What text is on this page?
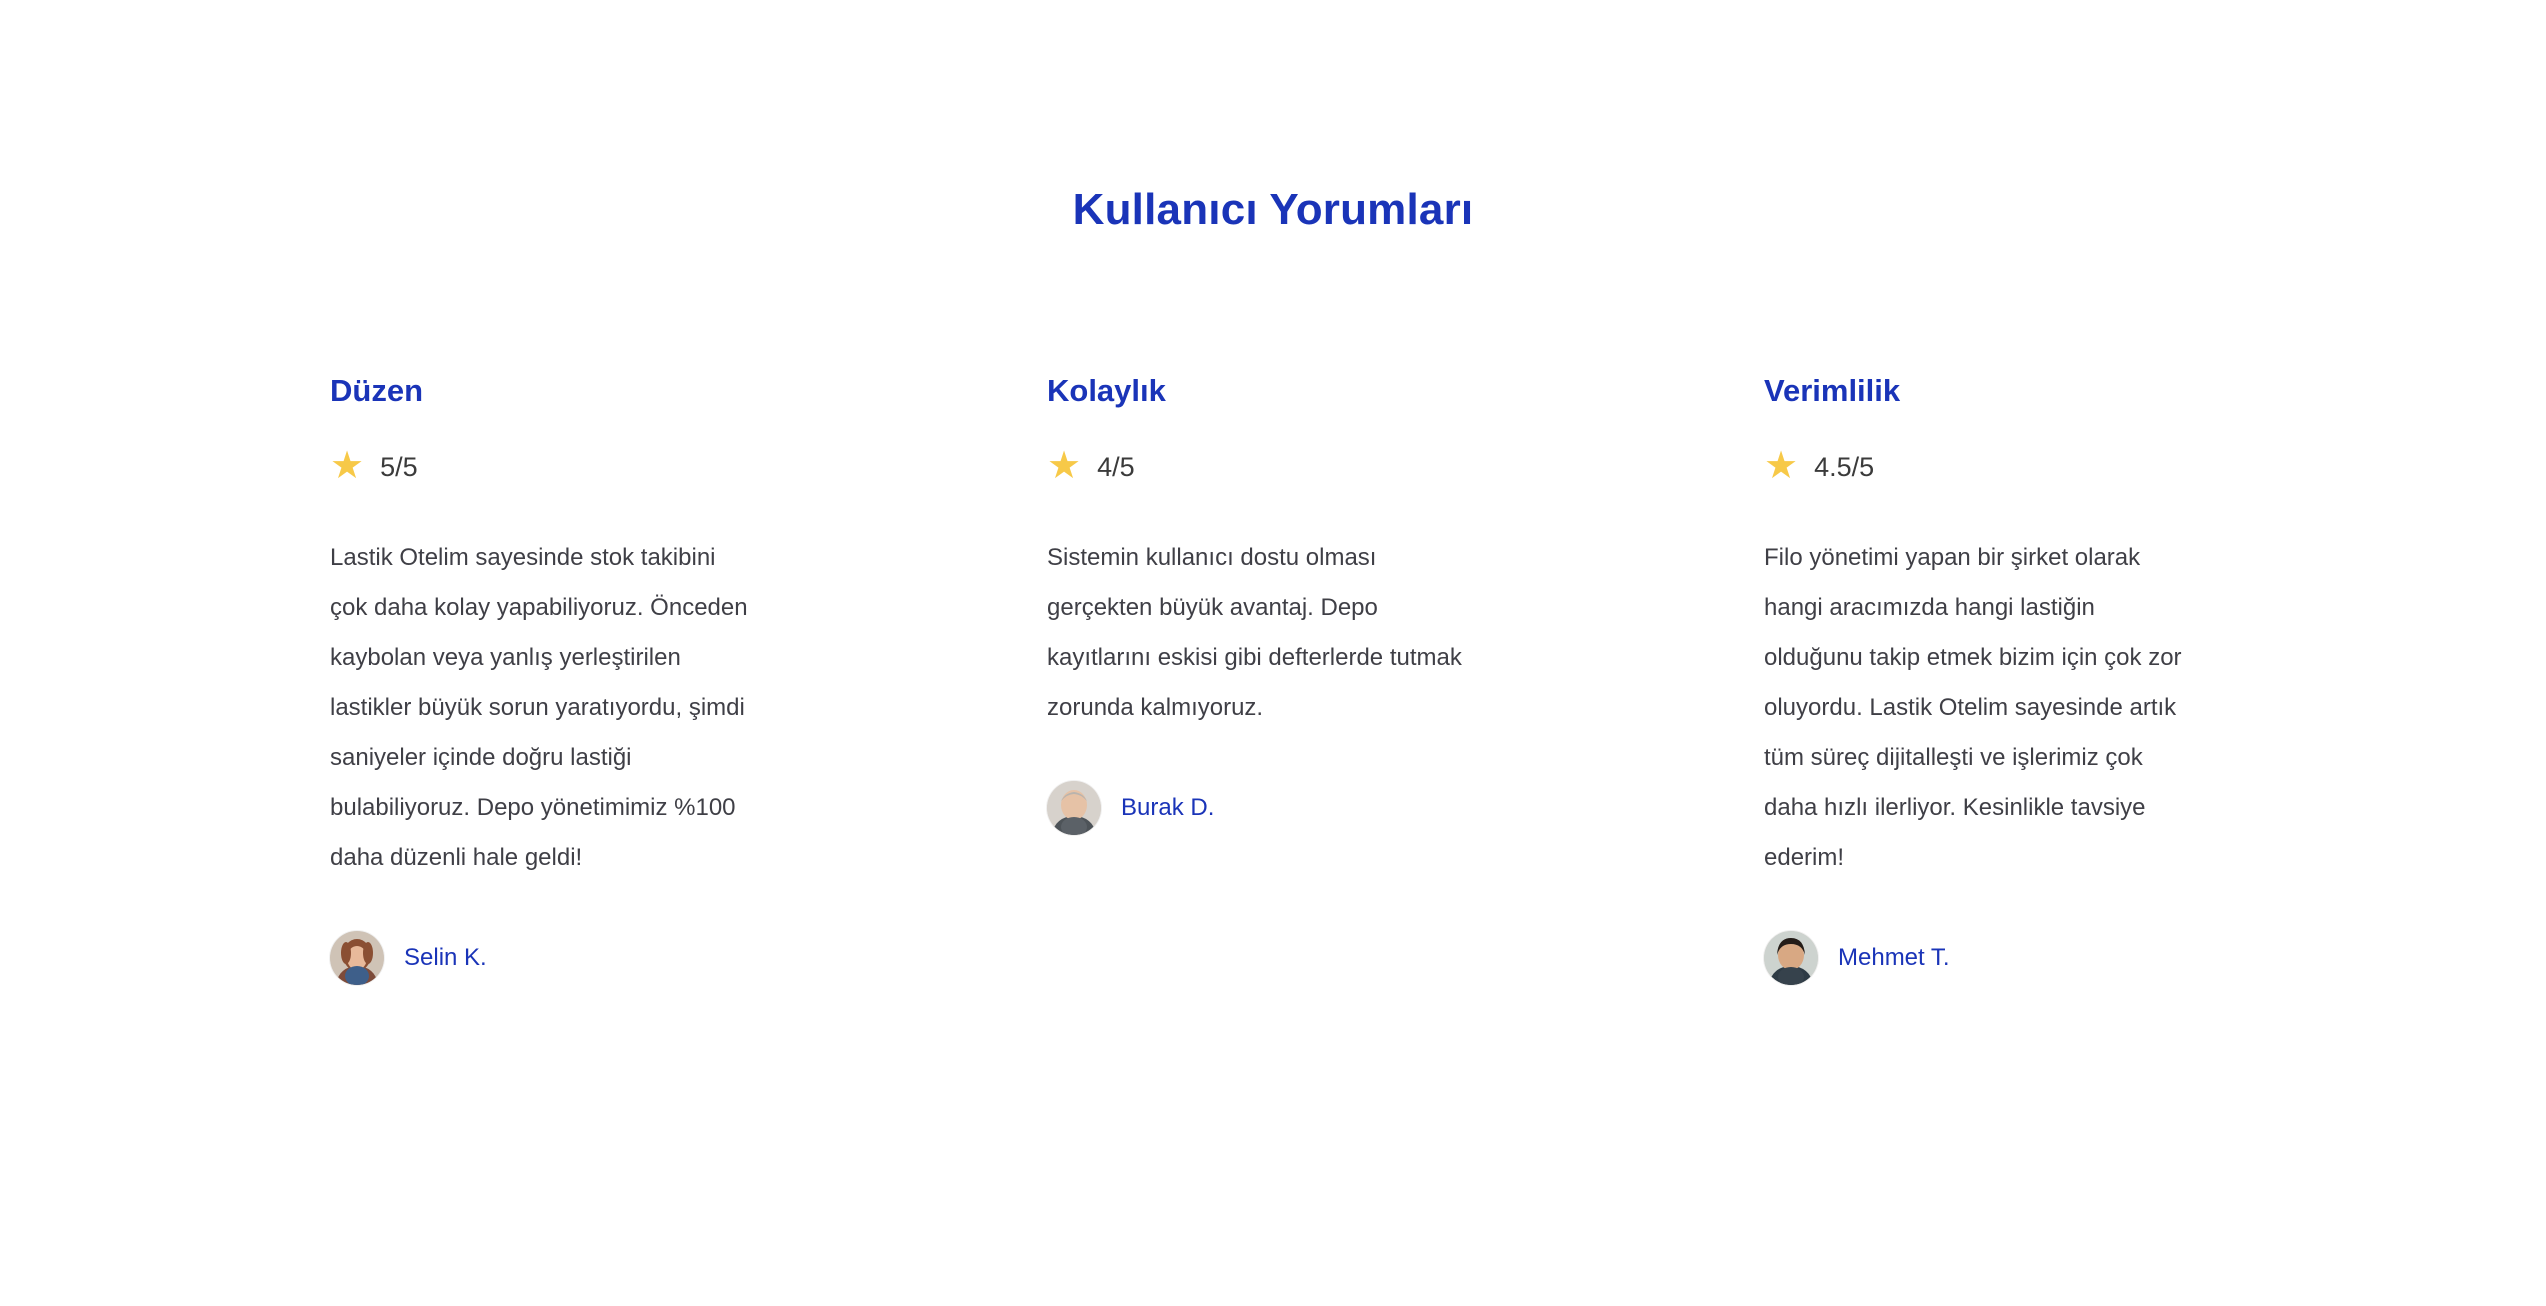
Kullanıcı Yorumları
Düzen
★ 5/5

Lastik Otelim sayesinde stok takibini çok daha kolay yapabiliyoruz. Önceden kaybolan veya yanlış yerleştirilen lastikler büyük sorun yaratıyordu, şimdi saniyeler içinde doğru lastiği bulabiliyoruz. Depo yönetimimiz %100 daha düzenli hale geldi!

Selin K.
Kolaylık
★ 4/5

Sistemin kullanıcı dostu olması gerçekten büyük avantaj. Depo kayıtlarını eskisi gibi defterlerde tutmak zorunda kalmıyoruz.

Burak D.
Verimlilik
★ 4.5/5

Filo yönetimi yapan bir şirket olarak hangi aracımızda hangi lastiğin olduğunu takip etmek bizim için çok zor oluyordu. Lastik Otelim sayesinde artık tüm süreç dijitalleşti ve işlerimiz çok daha hızlı ilerliyor. Kesinlikle tavsiye ederim!

Mehmet T.
